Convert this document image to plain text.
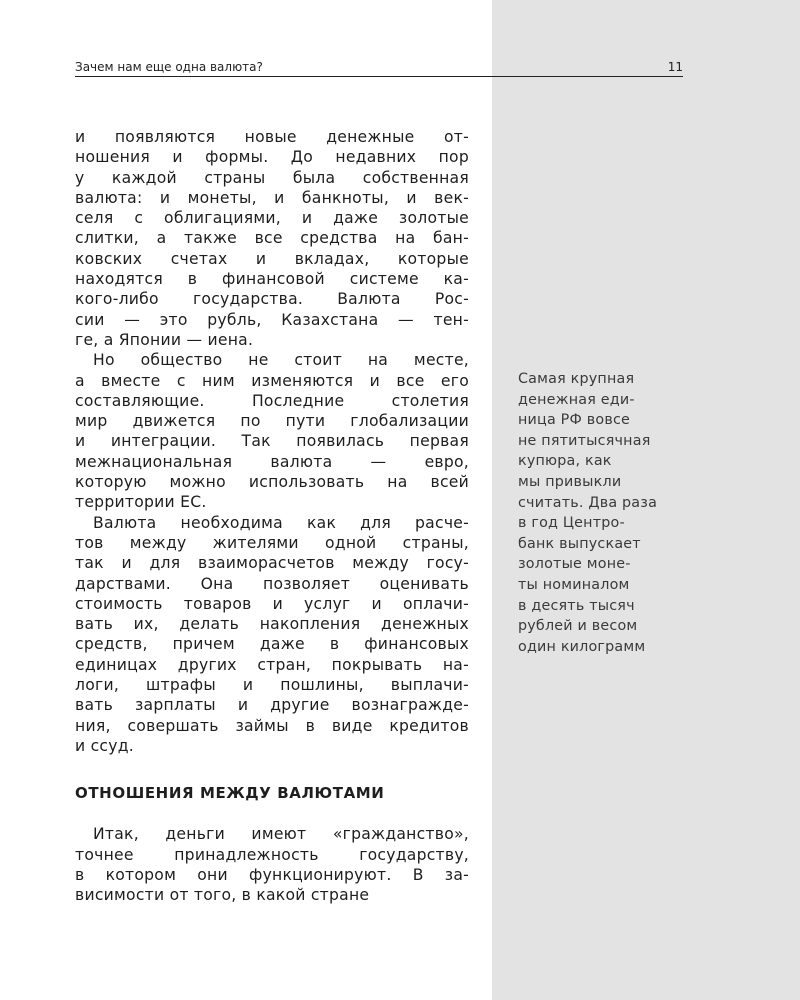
Зачем нам еще одна валюта?	11
и появляются новые денежные от-
ношения и формы. До недавних пор
у каждой страны была собственная
валюта: и монеты, и банкноты, и век-
селя с облигациями, и даже золотые
слитки, а также все средства на бан-
ковских счетах и вкладах, которые
находятся в финансовой системе ка-
кого-либо государства. Валюта Рос-
сии — это рубль, Казахстана — тен-
ге, а Японии — иена.
Но общество не стоит на месте,
а вместе с ним изменяются и все его
составляющие. Последние столетия
мир движется по пути глобализации
и интеграции. Так появилась первая
межнациональная валюта — евро,
которую можно использовать на всей
территории ЕС.
Валюта необходима как для расче-
тов между жителями одной страны,
так и для взаиморасчетов между госу-
дарствами. Она позволяет оценивать
стоимость товаров и услуг и оплачи-
вать их, делать накопления денежных
средств, причем даже в финансовых
единицах других стран, покрывать на-
логи, штрафы и пошлины, выплачи-
вать зарплаты и другие вознагражде-
ния, совершать займы в виде кредитов
и ссуд.
ОТНОШЕНИЯ МЕЖДУ ВАЛЮТАМИ
Итак, деньги имеют «гражданство»,
точнее принадлежность государству,
в котором они функционируют. В за-
висимости от того, в какой стране
Самая крупная
денежная еди-
ница РФ вовсе
не пятитысячная
купюра, как
мы привыкли
считать. Два раза
в год Центро-
банк выпускает
золотые моне-
ты номиналом
в десять тысяч
рублей и весом
один килограмм
